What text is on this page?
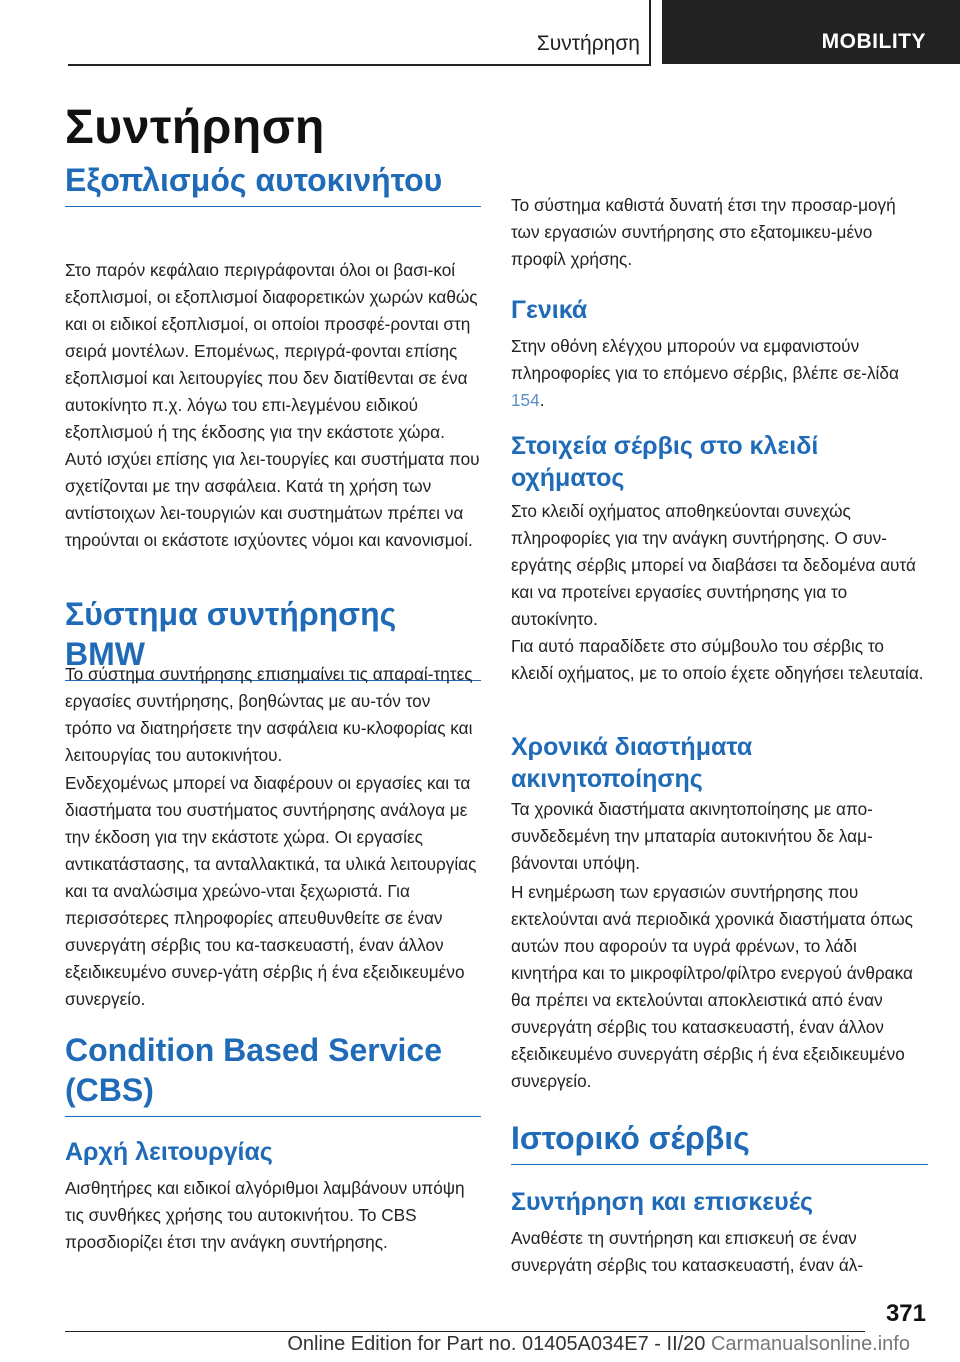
Συντήρηση	MOBILITY
Συντήρηση
Εξοπλισμός αυτοκινήτου

Στο παρόν κεφάλαιο περιγράφονται όλοι οι βασι-κοί εξοπλισμοί, οι εξοπλισμοί διαφορετικών χωρών καθώς και οι ειδικοί εξοπλισμοί, οι οποίοι προσφέ-ρονται στη σειρά μοντέλων. Επομένως, περιγρά-φονται επίσης εξοπλισμοί και λειτουργίες που δεν διατίθενται σε ένα αυτοκίνητο π.χ. λόγω του επι-λεγμένου ειδικού εξοπλισμού ή της έκδοσης για την εκάστοτε χώρα. Αυτό ισχύει επίσης για λει-τουργίες και συστήματα που σχετίζονται με την ασφάλεια. Κατά τη χρήση των αντίστοιχων λει-τουργιών και συστημάτων πρέπει να τηρούνται οι εκάστοτε ισχύοντες νόμοι και κανονισμοί.

Σύστημα συντήρησης BMW

Το σύστημα συντήρησης επισημαίνει τις απαραί-τητες εργασίες συντήρησης, βοηθώντας με αυ-τόν τον τρόπο να διατηρήσετε την ασφάλεια κυ-κλοφορίας και λειτουργίας του αυτοκινήτου.

Ενδεχομένως μπορεί να διαφέρουν οι εργασίες και τα διαστήματα του συστήματος συντήρησης ανάλογα με την έκδοση για την εκάστοτε χώρα. Οι εργασίες αντικατάστασης, τα ανταλλακτικά, τα υλικά λειτουργίας και τα αναλώσιμα χρεώνο-νται ξεχωριστά. Για περισσότερες πληροφορίες απευθυνθείτε σε έναν συνεργάτη σέρβις του κα-τασκευαστή, έναν άλλον εξειδικευμένο συνερ-γάτη σέρβις ή ένα εξειδικευμένο συνεργείο.

Condition Based Service (CBS)
Αρχή λειτουργίας

Αισθητήρες και ειδικοί αλγόριθμοι λαμβάνουν υπόψη τις συνθήκες χρήσης του αυτοκινήτου. Το CBS προσδιορίζει έτσι την ανάγκη συντήρησης.

Το σύστημα καθιστά δυνατή έτσι την προσαρ-μογή των εργασιών συντήρησης στο εξατομικευ-μένο προφίλ χρήσης.

Γενικά

Στην οθόνη ελέγχου μπορούν να εμφανιστούν πληροφορίες για το επόμενο σέρβις, βλέπε σε-λίδα 154.

Στοιχεία σέρβις στο κλειδί οχήματος

Στο κλειδί οχήματος αποθηκεύονται συνεχώς πληροφορίες για την ανάγκη συντήρησης. Ο συν-εργάτης σέρβις μπορεί να διαβάσει τα δεδομένα αυτά και να προτείνει εργασίες συντήρησης για το αυτοκίνητο.

Για αυτό παραδίδετε στο σύμβουλο του σέρβις το κλειδί οχήματος, με το οποίο έχετε οδηγήσει τελευταία.

Χρονικά διαστήματα ακινητοποίησης

Τα χρονικά διαστήματα ακινητοποίησης με απο-συνδεδεμένη την μπαταρία αυτοκινήτου δε λαμ-βάνονται υπόψη.

Η ενημέρωση των εργασιών συντήρησης που εκτελούνται ανά περιοδικά χρονικά διαστήματα όπως αυτών που αφορούν τα υγρά φρένων, το λάδι κινητήρα και το μικροφίλτρο/φίλτρο ενεργού άνθρακα θα πρέπει να εκτελούνται αποκλειστικά από έναν συνεργάτη σέρβις του κατασκευαστή, έναν άλλον εξειδικευμένο συνεργάτη σέρβις ή ένα εξειδικευμένο συνεργείο.

Ιστορικό σέρβις
Συντήρηση και επισκευές

Αναθέστε τη συντήρηση και επισκευή σε έναν συνεργάτη σέρβις του κατασκευαστή, έναν άλ-

371
Online Edition for Part no. 01405A034E7 - II/20 Carmanualsonline.info
